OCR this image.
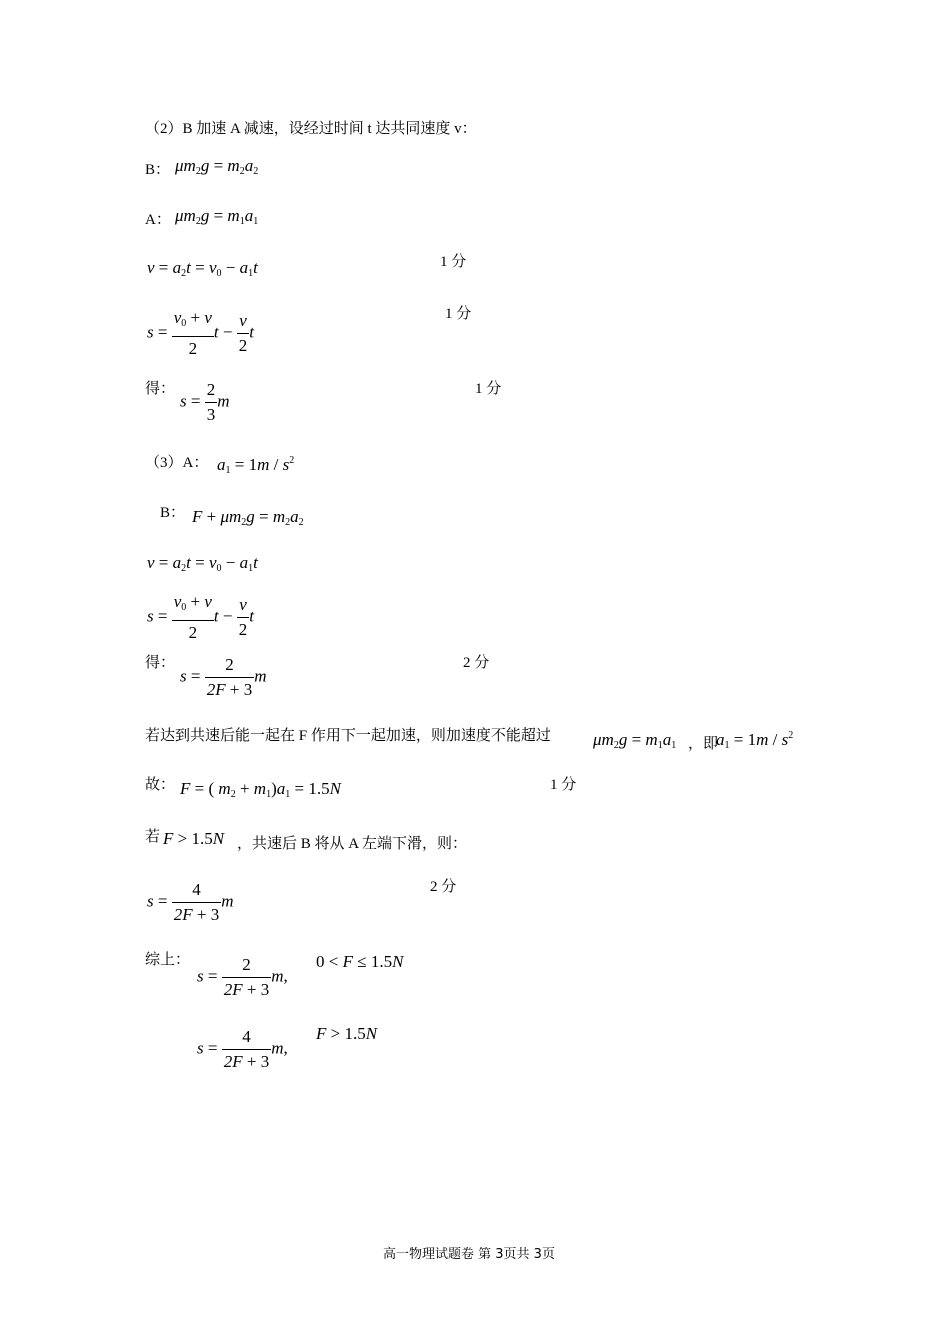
（2）B 加速 A 减速，设经过时间 t 达共同速度 v：
B： $\mu m_2g = m_2a_2$
A： $\mu m_2g = m_1a_1$
$v = a_2t = v_0 - a_1t$	1 分
$s = \frac{v_0 + v}{2}$ $t - \frac{v}{2}$ t
1 分
得：
$s = \frac{2}{3}$ m
1 分
（3）A： $a_1 = 1m / s^2$
B： $F + \mu m_2g = m_2a_2$
$v = a_2t = v_0 - a_1t$
$s = \frac{v_0 + v}{2}$ $t - \frac{v}{2}$ t
得：
$s = \frac{2}{2F + 3}$ m
2 分
若达到共速后能一起在 F 作用下一起加速，则加速度不能超过 $\mu m_2g = m_1a_1$ ，即
$a_1 = 1m / s^2$
故： F = ( $m_2 + m_1)a_1 = 1.5N$	1 分
若 F > 1.5N ，共速后 B 将从 A 左端下滑，则：
$s = \frac{4}{2F + 3}$ m
2 分
综上：
$s = \frac{2}{2F + 3} m$,
0 < F ≤ 1.5N
$s = \frac{4}{2F + 3} m$,
F > 1.5N
高一物理试题卷 第 3页共 3页
